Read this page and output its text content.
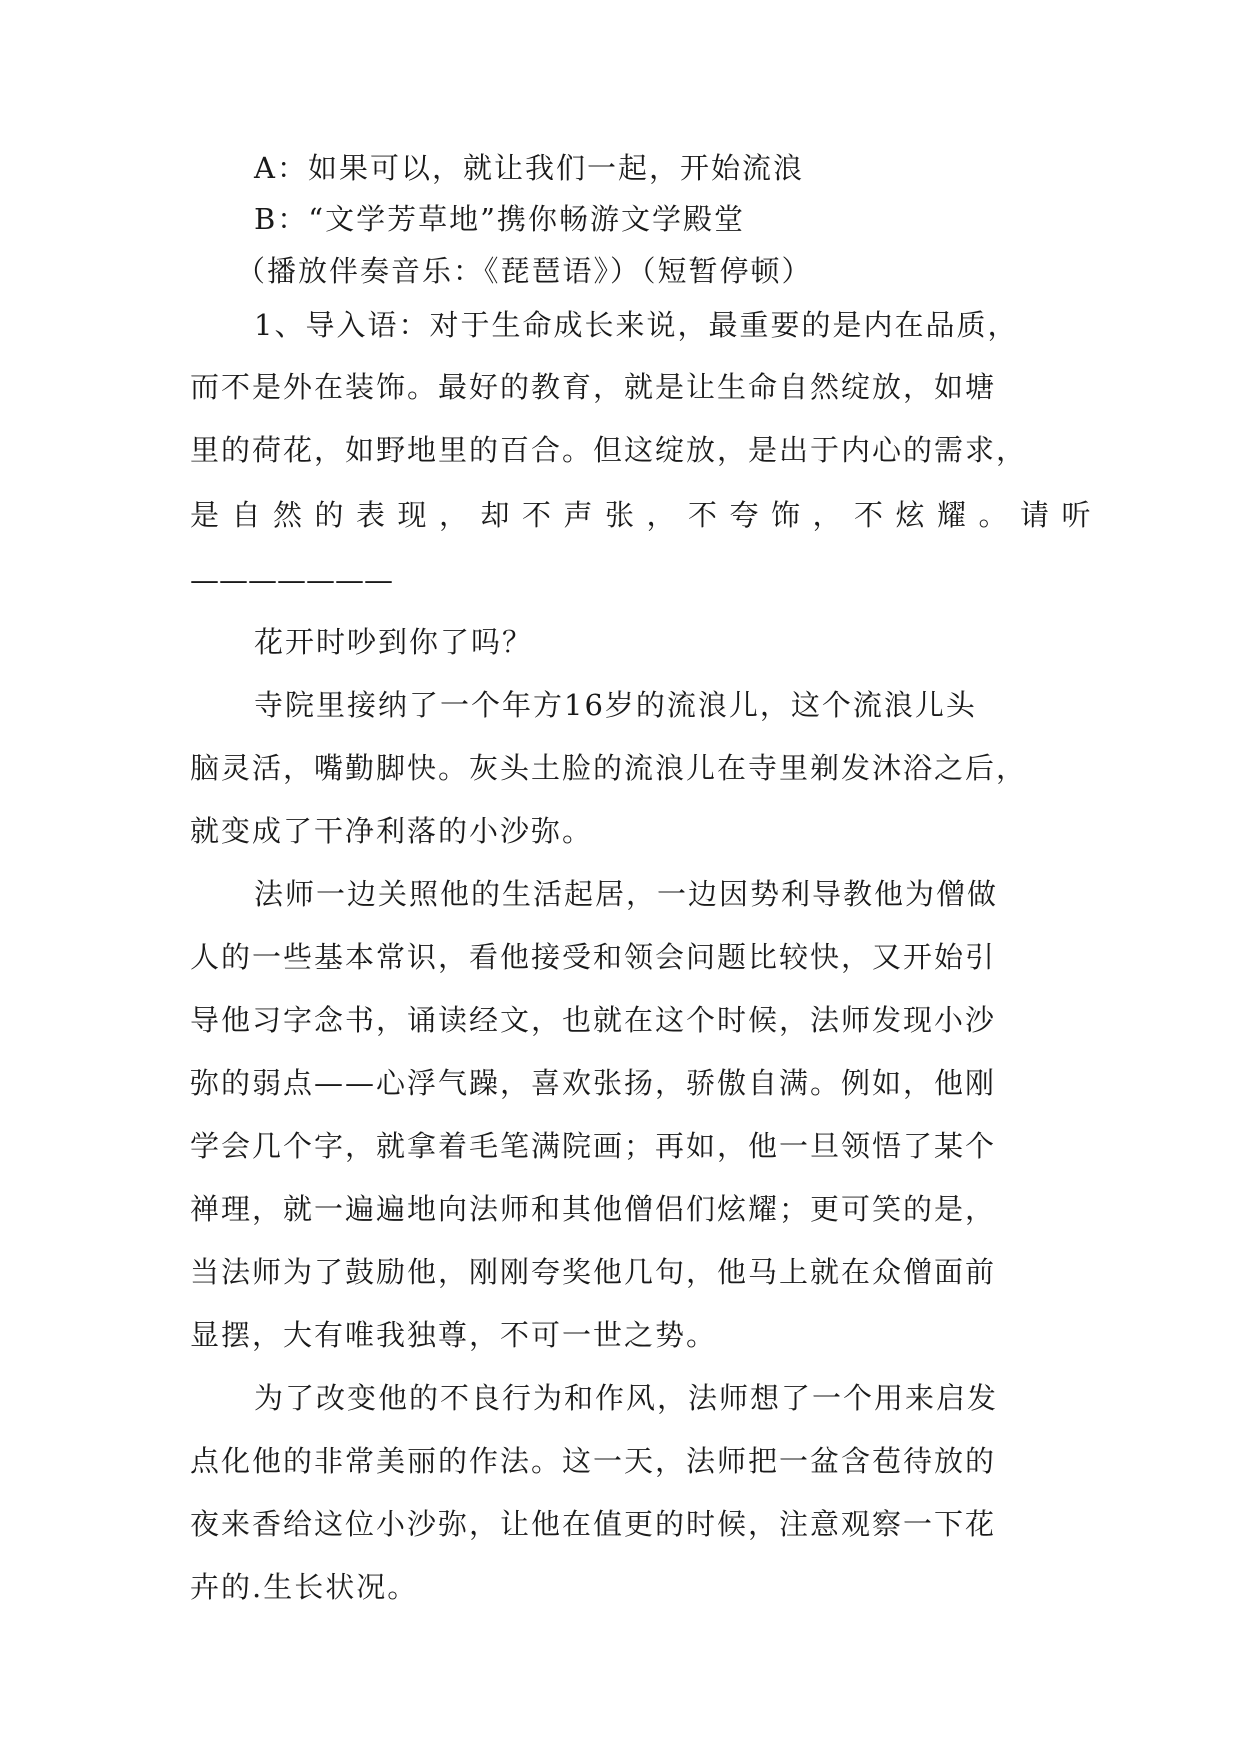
A：如果可以，就让我们一起，开始流浪
B：“文学芳草地”携你畅游文学殿堂
（播放伴奏音乐：《琵琶语》）（短暂停顿）
1、导入语：对于生命成长来说，最重要的是内在品质，
而不是外在装饰。最好的教育，就是让生命自然绽放，如塘
里的荷花，如野地里的百合。但这绽放，是出于内心的需求，
是自然的表现，却不声张，不夸饰，不炫耀。请听
———————
花开时吵到你了吗？
寺院里接纳了一个年方16岁的流浪儿，这个流浪儿头
脑灵活，嘴勤脚快。灰头土脸的流浪儿在寺里剃发沐浴之后，
就变成了干净利落的小沙弥。
法师一边关照他的生活起居，一边因势利导教他为僧做
人的一些基本常识，看他接受和领会问题比较快，又开始引
导他习字念书，诵读经文，也就在这个时候，法师发现小沙
弥的弱点——心浮气躁，喜欢张扬，骄傲自满。例如，他刚
学会几个字，就拿着毛笔满院画；再如，他一旦领悟了某个
禅理，就一遍遍地向法师和其他僧侣们炫耀；更可笑的是，
当法师为了鼓励他，刚刚夸奖他几句，他马上就在众僧面前
显摆，大有唯我独尊，不可一世之势。
为了改变他的不良行为和作风，法师想了一个用来启发
点化他的非常美丽的作法。这一天，法师把一盆含苞待放的
夜来香给这位小沙弥，让他在值更的时候，注意观察一下花
卉的.生长状况。
